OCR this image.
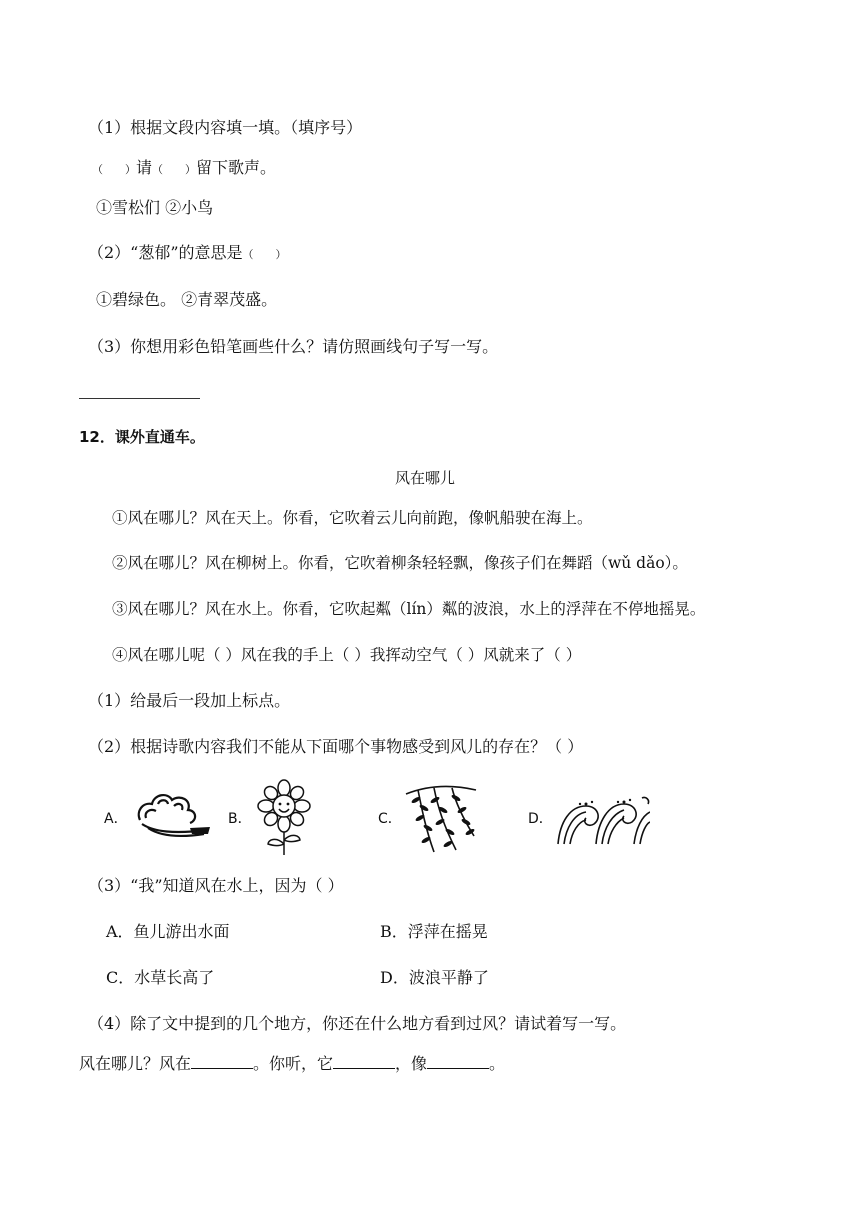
（1）根据文段内容填一填。（填序号）
（　　）请（　　）留下歌声。
①雪松们 ②小鸟
（2）“葱郁”的意思是（　　）
①碧绿色。 ②青翠茂盛。
（3）你想用彩色铅笔画些什么？请仿照画线句子写一写。
12．课外直通车。
风在哪儿
①风在哪儿？风在天上。你看，它吹着云儿向前跑，像帆船驶在海上。
②风在哪儿？风在柳树上。你看，它吹着柳条轻轻飘，像孩子们在舞蹈（wǔ dǎo）。
③风在哪儿？风在水上。你看，它吹起粼（lín）粼的波浪，水上的浮萍在不停地摇晃。
④风在哪儿呢（ ）风在我的手上（ ）我挥动空气（ ）风就来了（ ）
（1）给最后一段加上标点。
（2）根据诗歌内容我们不能从下面哪个事物感受到风儿的存在？（ ）
A．	B．	C．	D．
（3）“我”知道风在水上，因为（ ）
A．鱼儿游出水面	B．浮萍在摇晃
C．水草长高了	D．波浪平静了
（4）除了文中提到的几个地方，你还在什么地方看到过风？请试着写一写。
风在哪儿？风在	。你听，它	，像	。
